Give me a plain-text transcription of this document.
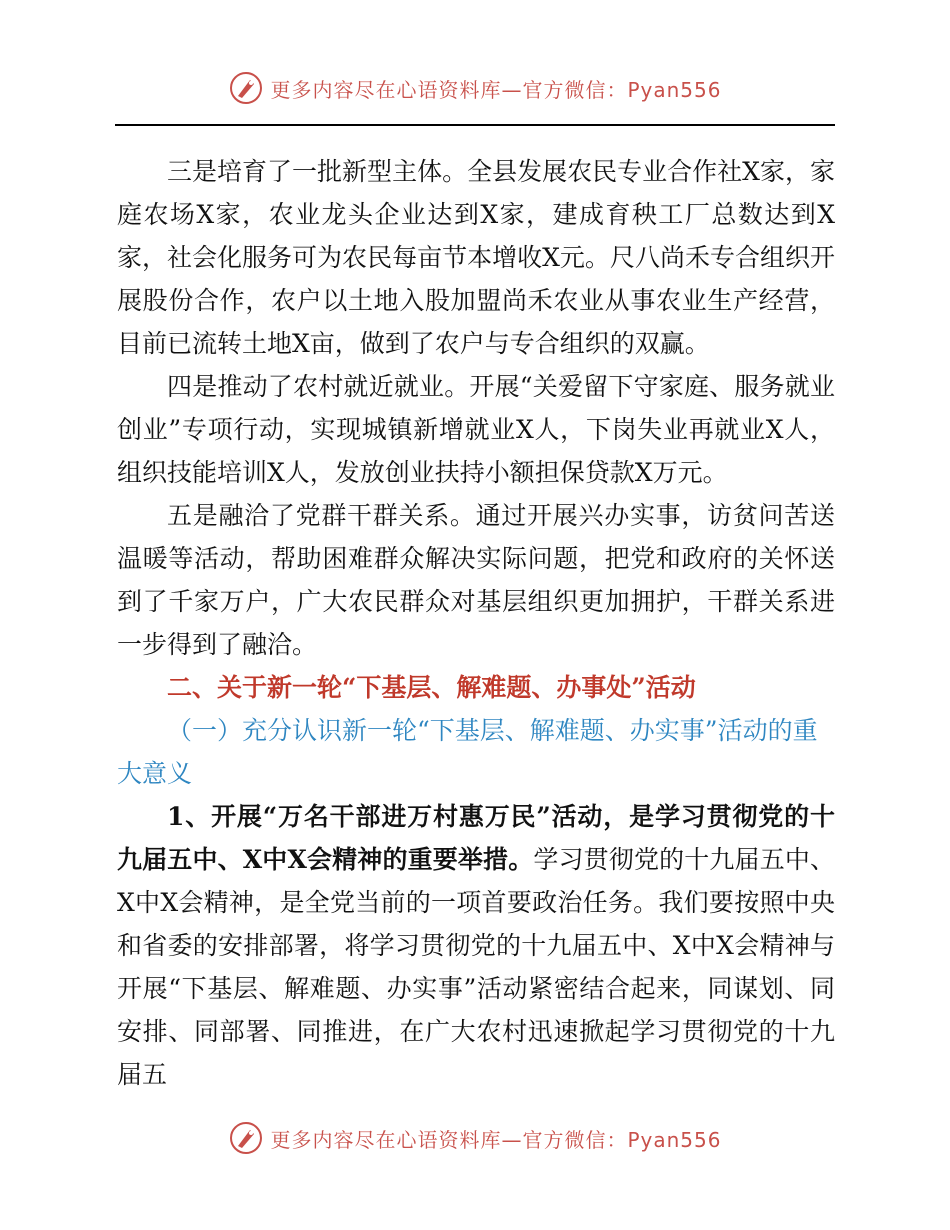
更多内容尽在心语资料库—官方微信：Pyan556

三是培育了一批新型主体。全县发展农民专业合作社X家，家庭农场X家，农业龙头企业达到X家，建成育秧工厂总数达到X家，社会化服务可为农民每亩节本增收X元。尺八尚禾专合组织开展股份合作，农户以土地入股加盟尚禾农业从事农业生产经营，目前已流转土地X亩，做到了农户与专合组织的双赢。

四是推动了农村就近就业。开展“关爱留下守家庭、服务就业创业”专项行动，实现城镇新增就业X人，下岗失业再就业X人，组织技能培训X人，发放创业扶持小额担保贷款X万元。

五是融洽了党群干群关系。通过开展兴办实事，访贫问苦送温暖等活动，帮助困难群众解决实际问题，把党和政府的关怀送到了千家万户，广大农民群众对基层组织更加拥护，干群关系进一步得到了融洽。

二、关于新一轮“下基层、解难题、办事处”活动

（一）充分认识新一轮“下基层、解难题、办实事”活动的重大意义

1、开展“万名干部进万村惠万民”活动，是学习贯彻党的十九届五中、X中X会精神的重要举措。学习贯彻党的十九届五中、X中X会精神，是全党当前的一项首要政治任务。我们要按照中央和省委的安排部署，将学习贯彻党的十九届五中、X中X会精神与开展“下基层、解难题、办实事”活动紧密结合起来，同谋划、同安排、同部署、同推进，在广大农村迅速掀起学习贯彻党的十九届五

更多内容尽在心语资料库—官方微信：Pyan556
